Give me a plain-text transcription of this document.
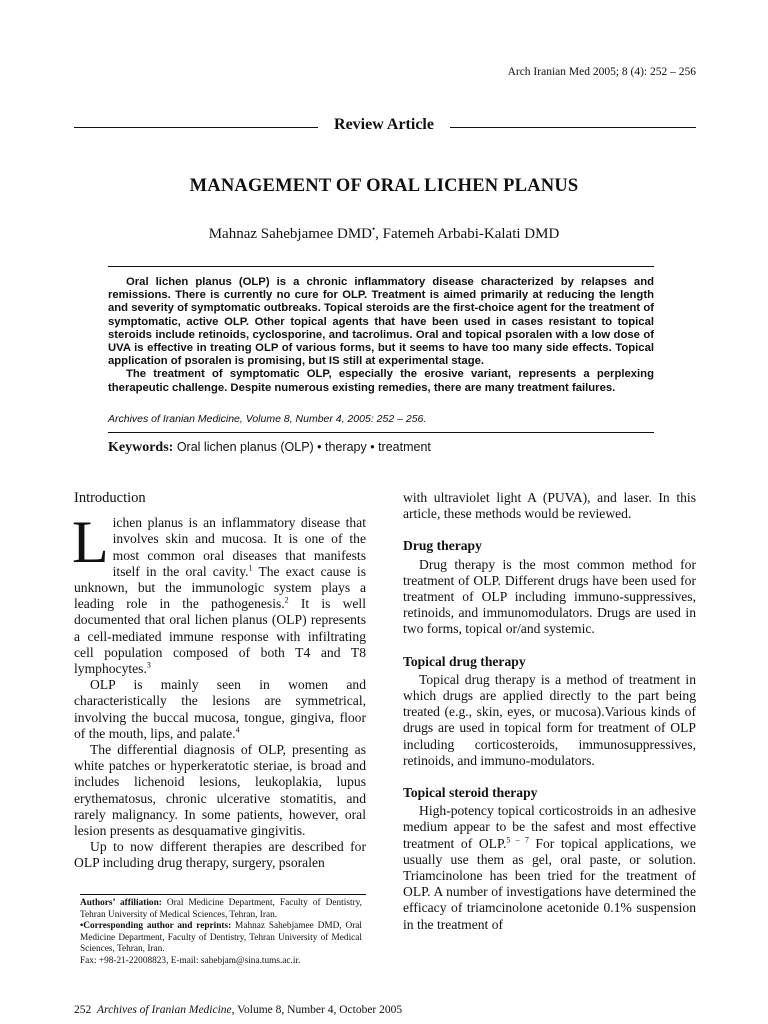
Arch Iranian Med 2005; 8 (4): 252 – 256
Review Article
MANAGEMENT OF ORAL LICHEN PLANUS
Mahnaz Sahebjamee DMD•, Fatemeh Arbabi-Kalati DMD

Oral lichen planus (OLP) is a chronic inflammatory disease characterized by relapses and remissions. There is currently no cure for OLP. Treatment is aimed primarily at reducing the length and severity of symptomatic outbreaks. Topical steroids are the first-choice agent for the treatment of symptomatic, active OLP. Other topical agents that have been used in cases resistant to topical steroids include retinoids, cyclosporine, and tacrolimus. Oral and topical psoralen with a low dose of UVA is effective in treating OLP of various forms, but it seems to have too many side effects. Topical application of psoralen is promising, but IS still at experimental stage.

The treatment of symptomatic OLP, especially the erosive variant, represents a perplexing therapeutic challenge. Despite numerous existing remedies, there are many treatment failures.

Archives of Iranian Medicine, Volume 8, Number 4, 2005: 252 – 256.
Keywords: Oral lichen planus (OLP) • therapy • treatment
Introduction

Lichen planus is an inflammatory disease that involves skin and mucosa. It is one of the most common oral diseases that manifests itself in the oral cavity.$^1$ The exact cause is unknown, but the immunologic system plays a leading role in the pathogenesis.$^2$ It is well documented that oral lichen planus (OLP) represents a cell-mediated immune response with infiltrating cell population composed of both T4 and T8 lymphocytes.$^3$

OLP is mainly seen in women and characteristically the lesions are symmetrical, involving the buccal mucosa, tongue, gingiva, floor of the mouth, lips, and palate.$^4$

The differential diagnosis of OLP, presenting as white patches or hyperkeratotic steriae, is broad and includes lichenoid lesions, leukoplakia, lupus erythematosus, chronic ulcerative stomatitis, and rarely malignancy. In some patients, however, oral lesion presents as desquamative gingivitis.

Up to now different therapies are described for OLP including drug therapy, surgery, psoralen

Authors’ affiliation: Oral Medicine Department, Faculty of Dentistry, Tehran University of Medical Sciences, Tehran, Iran.

•Corresponding author and reprints: Mahnaz Sahebjamee DMD, Oral Medicine Department, Faculty of Dentistry, Tehran University of Medical Sciences, Tehran, Iran.

Fax: +98-21-22008823, E-mail: sahebjam@sina.tums.ac.ir.

with ultraviolet light A (PUVA), and laser. In this article, these methods would be reviewed.

Drug therapy

Drug therapy is the most common method for treatment of OLP. Different drugs have been used for treatment of OLP including immuno-suppressives, retinoids, and immunomodulators. Drugs are used in two forms, topical or/and systemic.

Topical drug therapy

Topical drug therapy is a method of treatment in which drugs are applied directly to the part being treated (e.g., skin, eyes, or mucosa).Various kinds of drugs are used in topical form for treatment of OLP including corticosteroids, immunosuppressives, retinoids, and immuno-modulators.

Topical steroid therapy

High-potency topical corticostroids in an adhesive medium appear to be the safest and most effective treatment of OLP.$^{5 - 7}$ For topical applications, we usually use them as gel, oral paste, or solution. Triamcinolone has been tried for the treatment of OLP. A number of investigations have determined the efficacy of triamcinolone acetonide 0.1% suspension in the treatment of

252 Archives of Iranian Medicine, Volume 8, Number 4, October 2005
